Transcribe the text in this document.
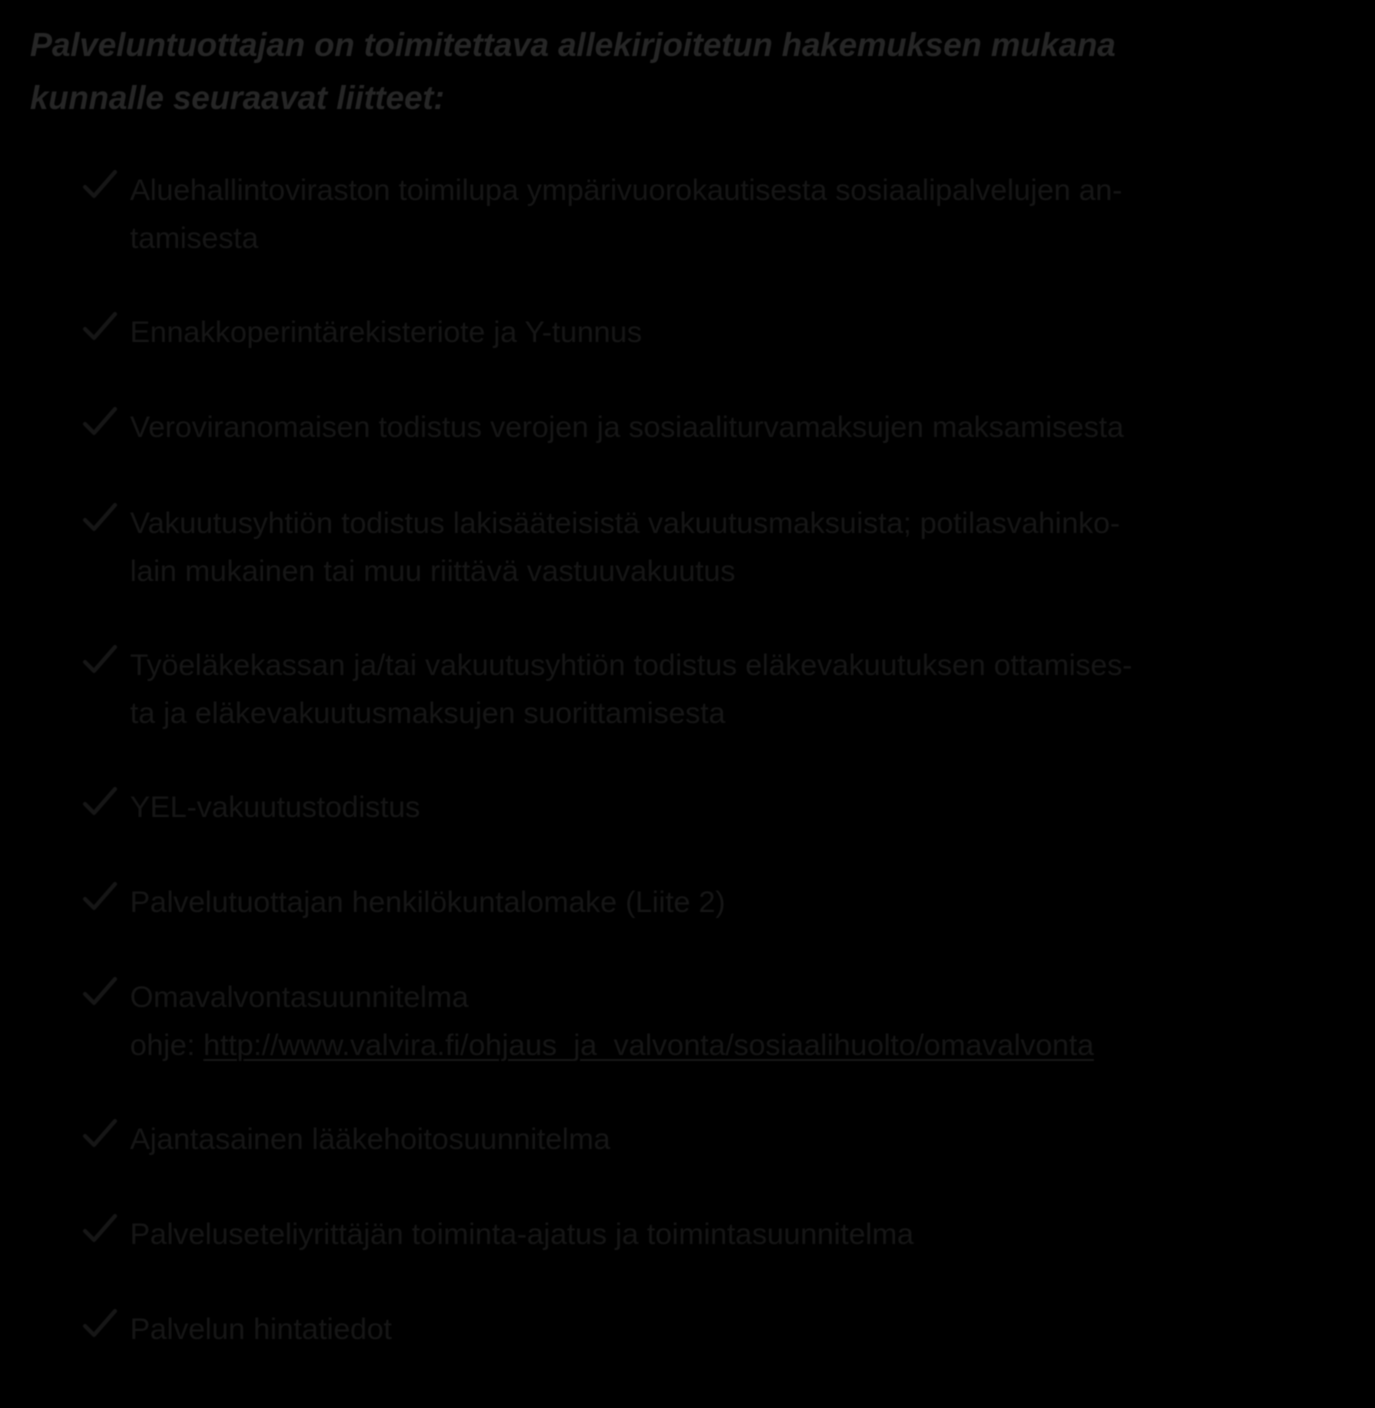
Palveluntuottajan on toimitettava allekirjoitetun hakemuksen mukana
kunnalle seuraavat liitteet:
Aluehallintoviraston toimilupa ympärivuorokautisesta sosiaalipalvelujen an-
tamisesta
Ennakkoperintärekisteriote ja Y-tunnus
Veroviranomaisen todistus verojen ja sosiaaliturvamaksujen maksamisesta
Vakuutusyhtiön todistus lakisääteisistä vakuutusmaksuista; potilasvahinko-
lain mukainen tai muu riittävä vastuuvakuutus
Työeläkekassan ja/tai vakuutusyhtiön todistus eläkevakuutuksen ottamises-
ta ja eläkevakuutusmaksujen suorittamisesta
YEL-vakuutustodistus
Palvelutuottajan henkilökuntalomake (Liite 2)
Omavalvontasuunnitelma
ohje: http://www.valvira.fi/ohjaus_ja_valvonta/sosiaalihuolto/omavalvonta
Ajantasainen lääkehoitosuunnitelma
Palveluseteliyrittäjän toiminta-ajatus ja toimintasuunnitelma
Palvelun hintatiedot
